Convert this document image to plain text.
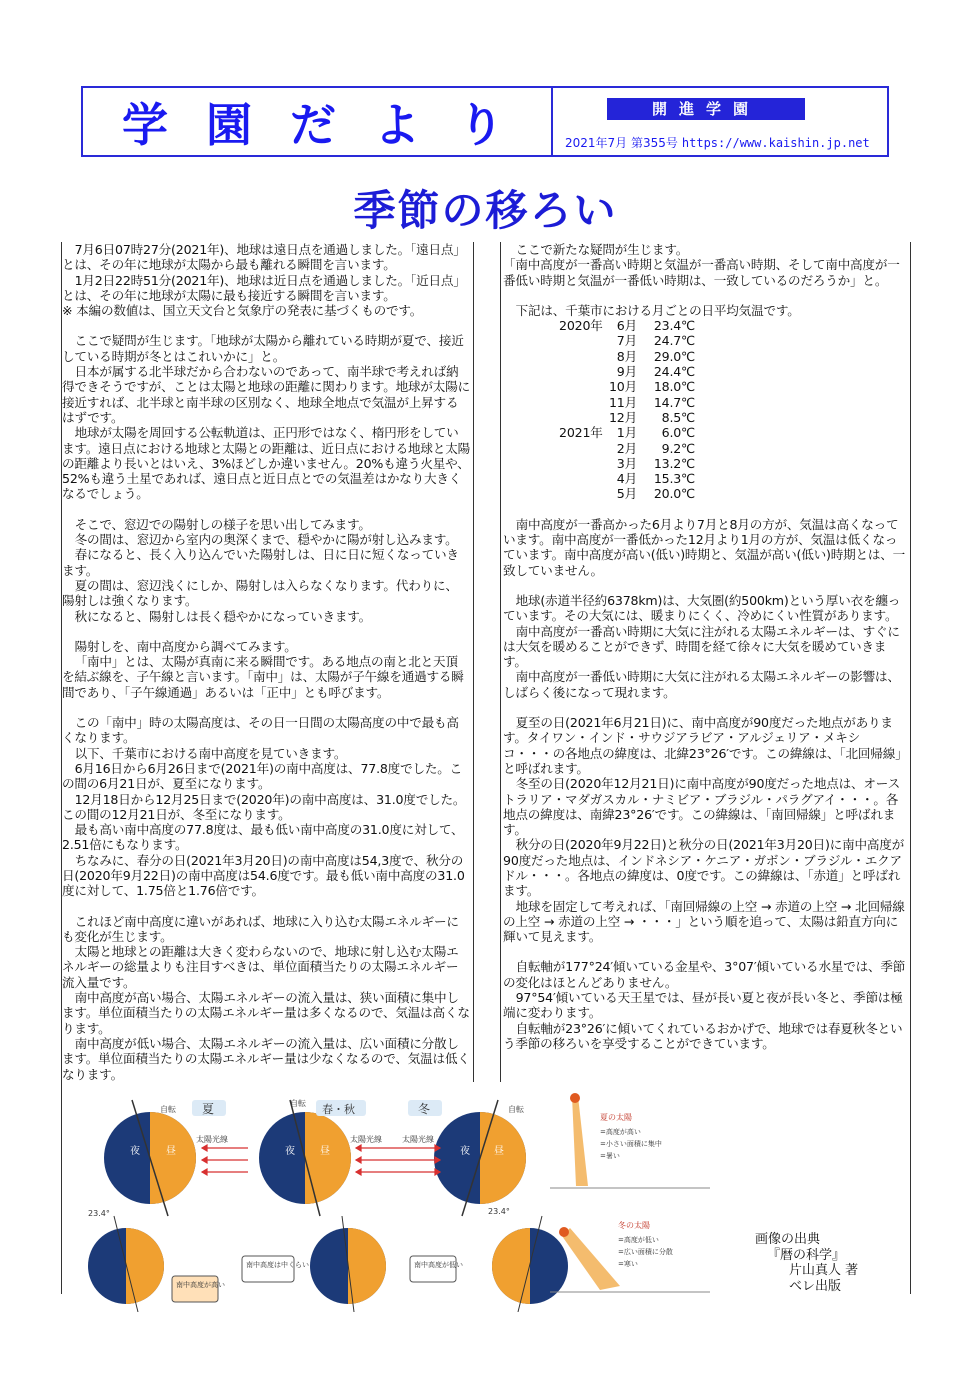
学園だより	開進学園
2021年7月 第355号 https://www.kaishin.jp.net
季節の移ろい

7月6日07時27分(2021年)、地球は遠日点を通過しました。「遠日点」とは、その年に地球が太陽から最も離れる瞬間を言います。

1月2日22時51分(2021年)、地球は近日点を通過しました。「近日点」とは、その年に地球が太陽に最も接近する瞬間を言います。

※ 本編の数値は、国立天文台と気象庁の発表に基づくものです。

ここで疑問が生じます。「地球が太陽から離れている時期が夏で、接近している時期が冬とはこれいかに」と。

日本が属する北半球だから合わないのであって、南半球で考えれば納得できそうですが、ことは太陽と地球の距離に関わります。地球が太陽に接近すれば、北半球と南半球の区別なく、地球全地点で気温が上昇するはずです。

地球が太陽を周回する公転軌道は、正円形ではなく、楕円形をしています。遠日点における地球と太陽との距離は、近日点における地球と太陽の距離より長いとはいえ、3%ほどしか違いません。20%も違う火星や、52%も違う土星であれば、遠日点と近日点とでの気温差はかなり大きくなるでしょう。

そこで、窓辺での陽射しの様子を思い出してみます。

冬の間は、窓辺から室内の奥深くまで、穏やかに陽が射し込みます。

春になると、長く入り込んでいた陽射しは、日に日に短くなっていきます。

夏の間は、窓辺浅くにしか、陽射しは入らなくなります。代わりに、陽射しは強くなります。

秋になると、陽射しは長く穏やかになっていきます。

陽射しを、南中高度から調べてみます。

「南中」とは、太陽が真南に来る瞬間です。ある地点の南と北と天頂を結ぶ線を、子午線と言います。「南中」は、太陽が子午線を通過する瞬間であり、「子午線通過」あるいは「正中」とも呼びます。

この「南中」時の太陽高度は、その日一日間の太陽高度の中で最も高くなります。

以下、千葉市における南中高度を見ていきます。

6月16日から6月26日まで(2021年)の南中高度は、77.8度でした。この間の6月21日が、夏至になります。

12月18日から12月25日まで(2020年)の南中高度は、31.0度でした。この間の12月21日が、冬至になります。

最も高い南中高度の77.8度は、最も低い南中高度の31.0度に対して、2.51倍にもなります。

ちなみに、春分の日(2021年3月20日)の南中高度は54,3度で、秋分の日(2020年9月22日)の南中高度は54.6度です。最も低い南中高度の31.0度に対して、1.75倍と1.76倍です。

これほど南中高度に違いがあれば、地球に入り込む太陽エネルギーにも変化が生じます。

太陽と地球との距離は大きく変わらないので、地球に射し込む太陽エネルギーの総量よりも注目すべきは、単位面積当たりの太陽エネルギー流入量です。

南中高度が高い場合、太陽エネルギーの流入量は、狭い面積に集中します。単位面積当たりの太陽エネルギー量は多くなるので、気温は高くなります。

南中高度が低い場合、太陽エネルギーの流入量は、広い面積に分散します。単位面積当たりの太陽エネルギー量は少なくなるので、気温は低くなります。

ここで新たな疑問が生じます。

「南中高度が一番高い時期と気温が一番高い時期、そして南中高度が一番低い時期と気温が一番低い時期は、一致しているのだろうか」と。

下記は、千葉市における月ごとの日平均気温です。

2020年	6月	23.4℃
	7月	24.7℃
	8月	29.0℃
	9月	24.4℃
	10月	18.0℃
	11月	14.7℃
	12月	8.5℃
2021年	1月	6.0℃
	2月	9.2℃
	3月	13.2℃
	4月	15.3℃
	5月	20.0℃

南中高度が一番高かった6月より7月と8月の方が、気温は高くなっています。南中高度が一番低かった12月より1月の方が、気温は低くなっています。南中高度が高い(低い)時期と、気温が高い(低い)時期とは、一致していません。

地球(赤道半径約6378km)は、大気圏(約500km)という厚い衣を纏っています。その大気には、暖まりにくく、冷めにくい性質があります。

南中高度が一番高い時期に大気に注がれる太陽エネルギーは、すぐには大気を暖めることができず、時間を経て徐々に大気を暖めていきます。

南中高度が一番低い時期に大気に注がれる太陽エネルギーの影響は、しばらく後になって現れます。

夏至の日(2021年6月21日)に、南中高度が90度だった地点があります。タイワン・インド・サウジアラビア・アルジェリア・メキシコ・・・の各地点の緯度は、北緯23°26′です。この緯線は、「北回帰線」と呼ばれます。

冬至の日(2020年12月21日)に南中高度が90度だった地点は、オーストラリア・マダガスカル・ナミビア・ブラジル・パラグアイ・・・。各地点の緯度は、南緯23°26′です。この緯線は、「南回帰線」と呼ばれます。

秋分の日(2020年9月22日)と秋分の日(2021年3月20日)に南中高度が90度だった地点は、インドネシア・ケニア・ガボン・ブラジル・エクアドル・・・。各地点の緯度は、0度です。この緯線は、「赤道」と呼ばれます。

地球を固定して考えれば、「南回帰線の上空 → 赤道の上空 → 北回帰線の上空 → 赤道の上空 → ・・・」という順を追って、太陽は鉛直方向に輝いて見えます。

自転軸が177°24′傾いている金星や、3°07′傾いている水星では、季節の変化はほとんどありません。

97°54′傾いている天王星では、昼が長い夏と夜が長い冬と、季節は極端に変わります。

自転軸が23°26′に傾いてくれているおかげで、地球では春夏秋冬という季節の移ろいを享受することができています。

夜	昼
夏
自転
太陽光線
夜	昼
春・秋
自転
太陽光線
夜 昼
冬	自転
太陽光線
23.4°
南中高度が高い
南中高度は中くらい
23.4°
南中高度が低い
夏の太陽
=高度が高い
=小さい面積に集中
=暑い
冬の太陽
=高度が低い
=広い面積に分散
=寒い
画像の出典
『暦の科学』
片山真人 著
ベレ出版
